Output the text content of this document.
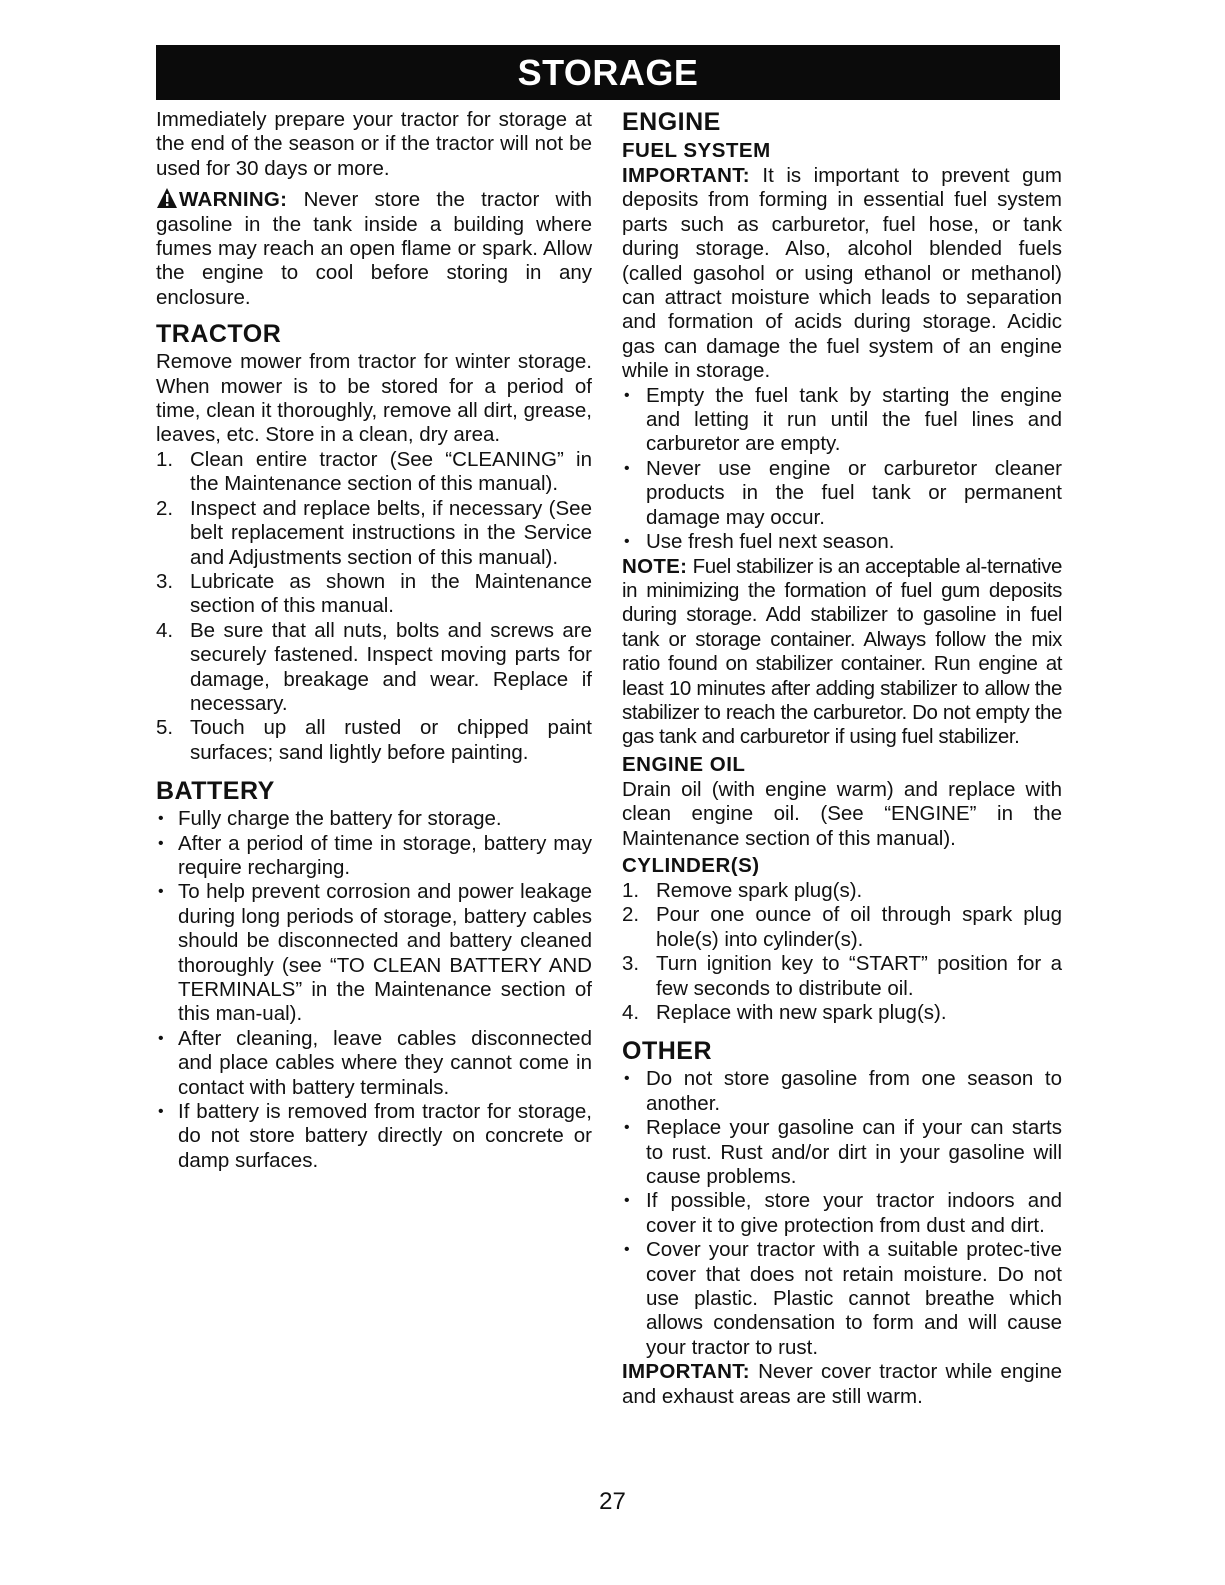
STORAGE

Immediately prepare your tractor for storage at the end of the season or if the tractor will not be used for 30 days or more.

WARNING: Never store the tractor with gasoline in the tank inside a building where fumes may reach an open flame or spark. Allow the engine to cool before storing in any enclosure.

TRACTOR

Remove mower from tractor for winter storage. When mower is to be stored for a period of time, clean it thoroughly, remove all dirt, grease, leaves, etc. Store in a clean, dry area.

1. Clean entire tractor (See “CLEANING” in the Maintenance section of this manual).
2. Inspect and replace belts, if necessary (See belt replacement instructions in the Service and Adjustments section of this manual).
3. Lubricate as shown in the Maintenance section of this manual.
4. Be sure that all nuts, bolts and screws are securely fastened. Inspect moving parts for damage, breakage and wear. Replace if necessary.
5. Touch up all rusted or chipped paint surfaces; sand lightly before painting.
BATTERY
• Fully charge the battery for storage.
• After a period of time in storage, battery may require recharging.
• To help prevent corrosion and power leakage during long periods of storage, battery cables should be disconnected and battery cleaned thoroughly (see “TO CLEAN BATTERY AND TERMINALS” in the Maintenance section of this man-ual).
• After cleaning, leave cables disconnected and place cables where they cannot come in contact with battery terminals.
• If battery is removed from tractor for storage, do not store battery directly on concrete or damp surfaces.
ENGINE
FUEL SYSTEM

IMPORTANT: It is important to prevent gum deposits from forming in essential fuel system parts such as carburetor, fuel hose, or tank during storage. Also, alcohol blended fuels (called gasohol or using ethanol or methanol) can attract moisture which leads to separation and formation of acids during storage. Acidic gas can damage the fuel system of an engine while in storage.

• Empty the fuel tank by starting the engine and letting it run until the fuel lines and carburetor are empty.
• Never use engine or carburetor cleaner products in the fuel tank or permanent damage may occur.
• Use fresh fuel next season.

NOTE: Fuel stabilizer is an acceptable al-ternative in minimizing the formation of fuel gum deposits during storage. Add stabilizer to gasoline in fuel tank or storage container. Always follow the mix ratio found on stabilizer container. Run engine at least 10 minutes after adding stabilizer to allow the stabilizer to reach the carburetor. Do not empty the gas tank and carburetor if using fuel stabilizer.

ENGINE OIL

Drain oil (with engine warm) and replace with clean engine oil. (See “ENGINE” in the Maintenance section of this manual).

CYLINDER(S)
1. Remove spark plug(s).
2. Pour one ounce of oil through spark plug hole(s) into cylinder(s).
3. Turn ignition key to “START” position for a few seconds to distribute oil.
4. Replace with new spark plug(s).
OTHER
• Do not store gasoline from one season to another.
• Replace your gasoline can if your can starts to rust. Rust and/or dirt in your gasoline will cause problems.
• If possible, store your tractor indoors and cover it to give protection from dust and dirt.
• Cover your tractor with a suitable protec-tive cover that does not retain moisture. Do not use plastic. Plastic cannot breathe which allows condensation to form and will cause your tractor to rust.

IMPORTANT: Never cover tractor while engine and exhaust areas are still warm.

27
